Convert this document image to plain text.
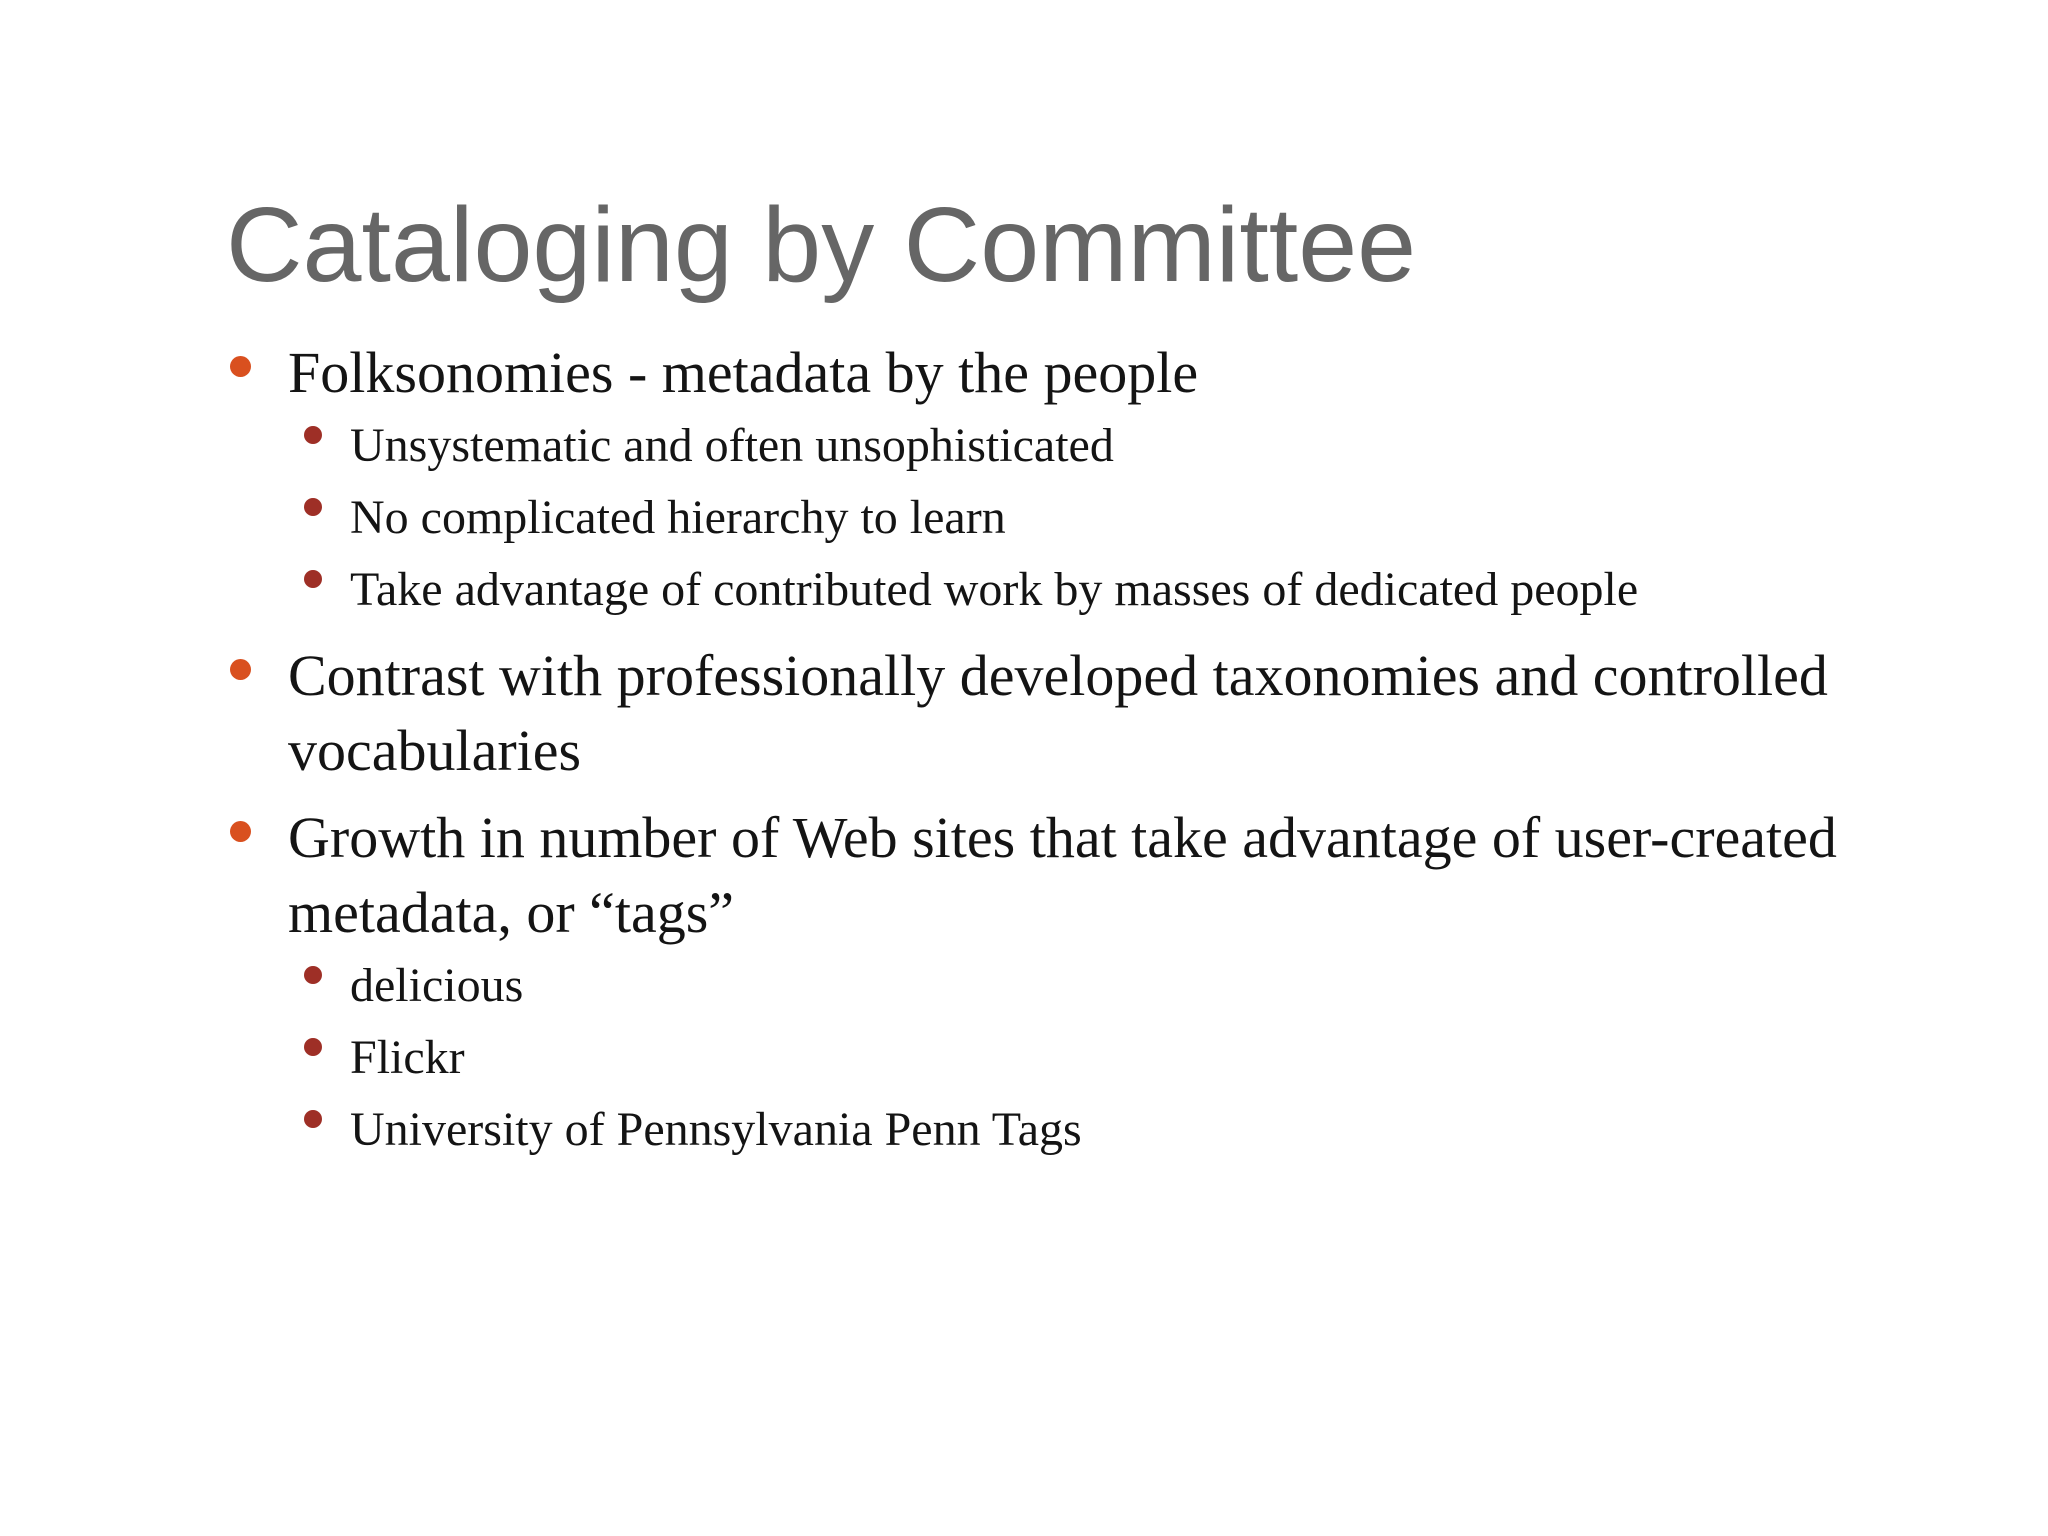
Cataloging by Committee
Folksonomies - metadata by the people
Unsystematic and often unsophisticated
No complicated hierarchy to learn
Take advantage of contributed work by masses of dedicated people
Contrast with professionally developed taxonomies and controlled vocabularies
Growth in number of Web sites that take advantage of user-created metadata, or “tags”
delicious
Flickr
University of Pennsylvania Penn Tags
